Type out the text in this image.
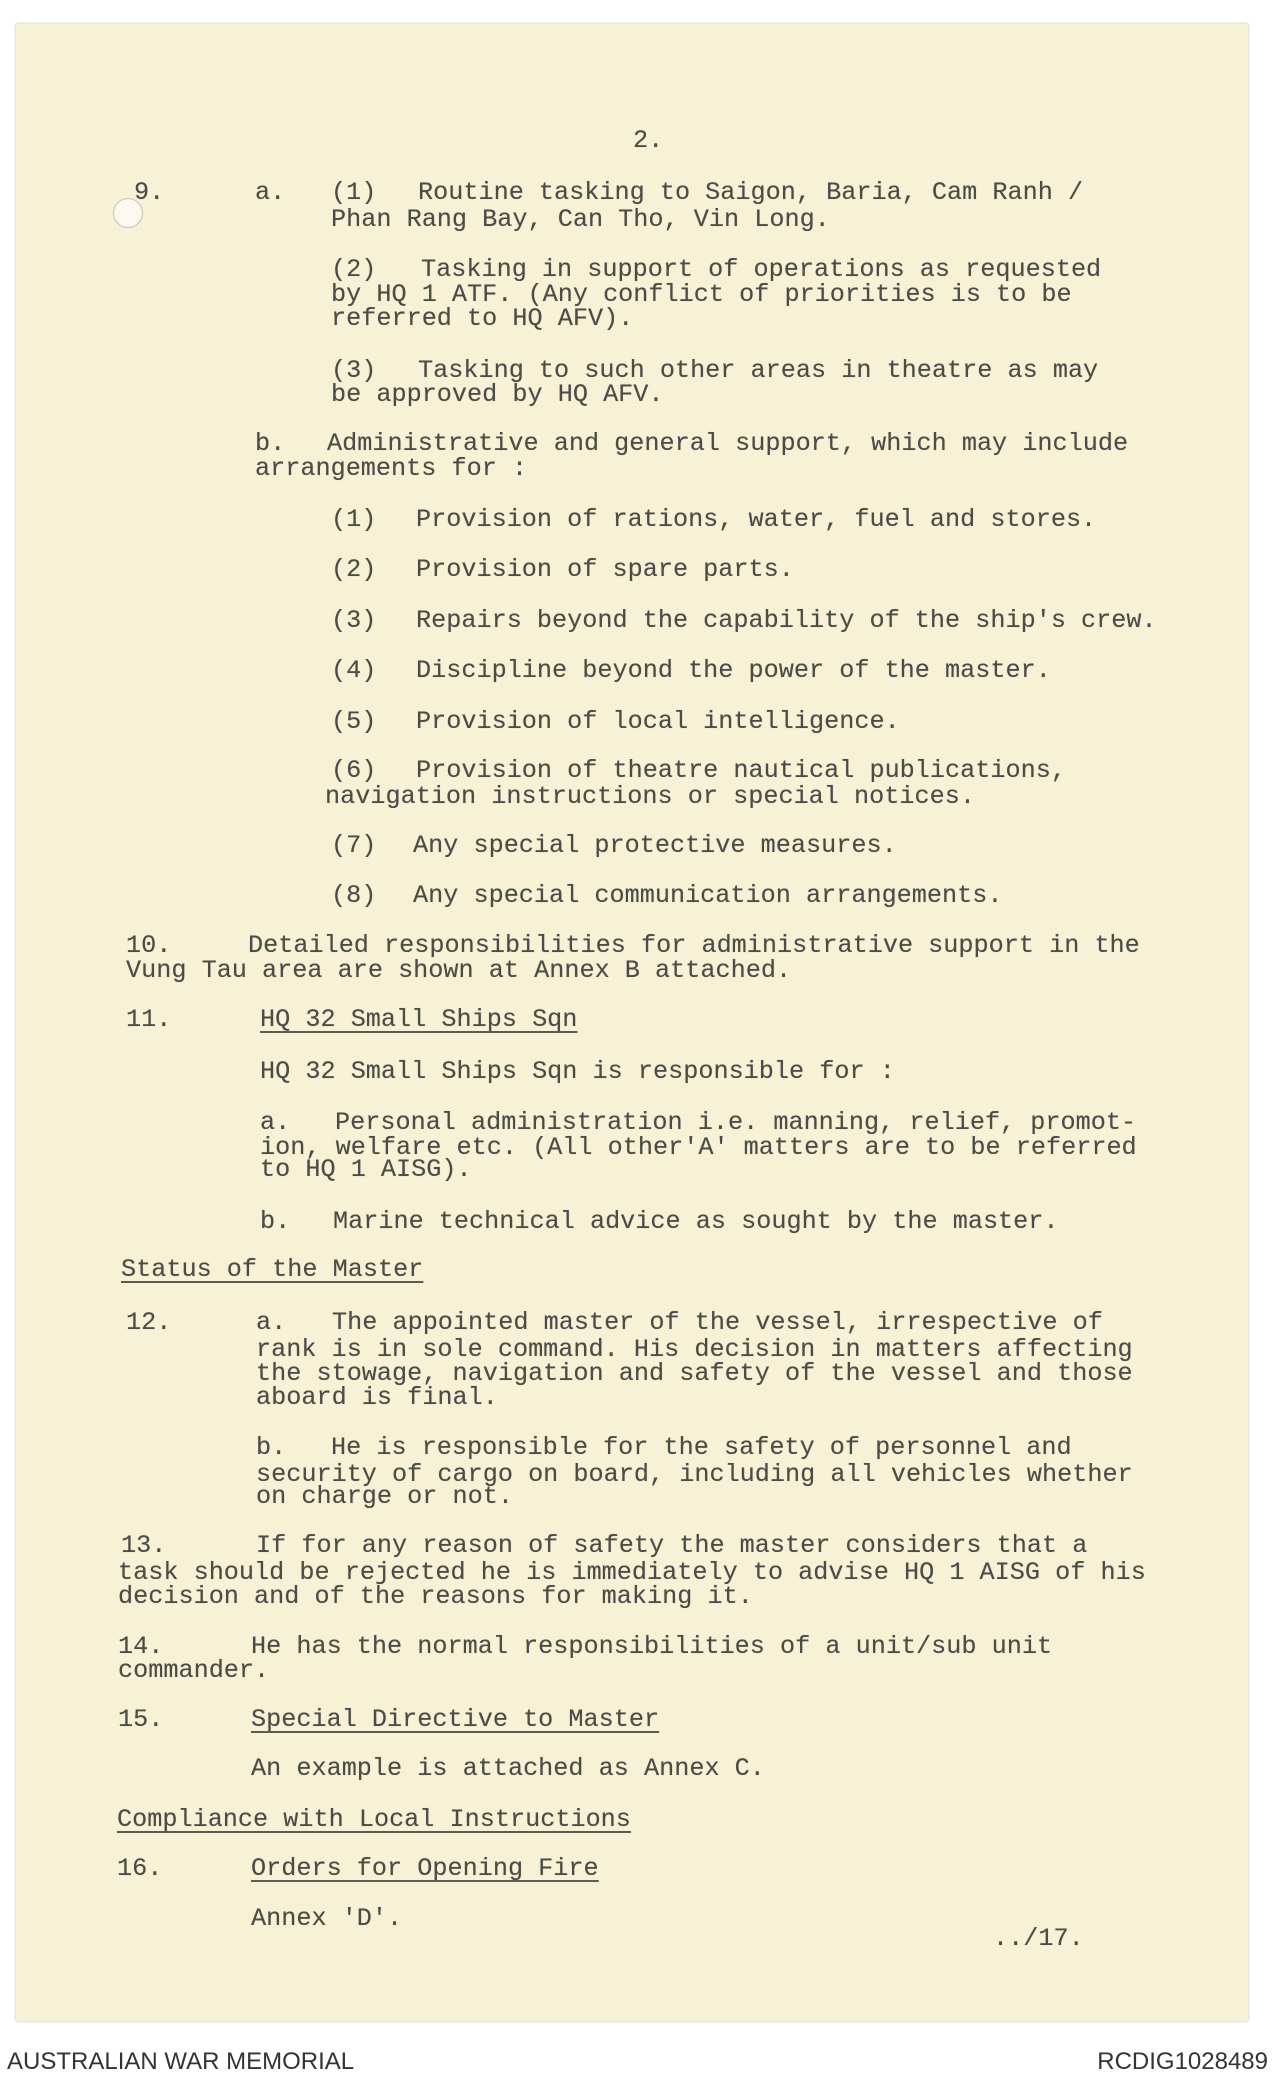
2.
9.	a. (1) Routine tasking to Saigon, Baria, Cam Ranh /
Phan Rang Bay, Can Tho, Vin Long.
(2) Tasking in support of operations as requested
by HQ 1 ATF. (Any conflict of priorities is to be
referred to HQ AFV).
(3) Tasking to such other areas in theatre as may
be approved by HQ AFV.
b. Administrative and general support, which may include
arrangements for :
(1) Provision of rations, water, fuel and stores.
(2) Provision of spare parts.
(3) Repairs beyond the capability of the ship's crew.
(4) Discipline beyond the power of the master.
(5) Provision of local intelligence.
(6) Provision of theatre nautical publications,
navigation instructions or special notices.
(7) Any special protective measures.
(8) Any special communication arrangements.
10.	Detailed responsibilities for administrative support in the
Vung Tau area are shown at Annex B attached.
11.	HQ 32 Small Ships Sqn
HQ 32 Small Ships Sqn is responsible for :
a. Personal administration i.e. manning, relief, promot-
ion, welfare etc. (All other'A' matters are to be referred
to HQ 1 AISG).
b. Marine technical advice as sought by the master.
Status of the Master
12.	a. The appointed master of the vessel, irrespective of
rank is in sole command. His decision in matters affecting
the stowage, navigation and safety of the vessel and those
aboard is final.
b. He is responsible for the safety of personnel and
security of cargo on board, including all vehicles whether
on charge or not.
13.	If for any reason of safety the master considers that a
task should be rejected he is immediately to advise HQ 1 AISG of his
decision and of the reasons for making it.
14.	He has the normal responsibilities of a unit/sub unit
commander.
15.	Special Directive to Master
An example is attached as Annex C.
Compliance with Local Instructions
16.	Orders for Opening Fire
Annex 'D'.
../17.
AUSTRALIAN WAR MEMORIAL	RCDIG1028489
